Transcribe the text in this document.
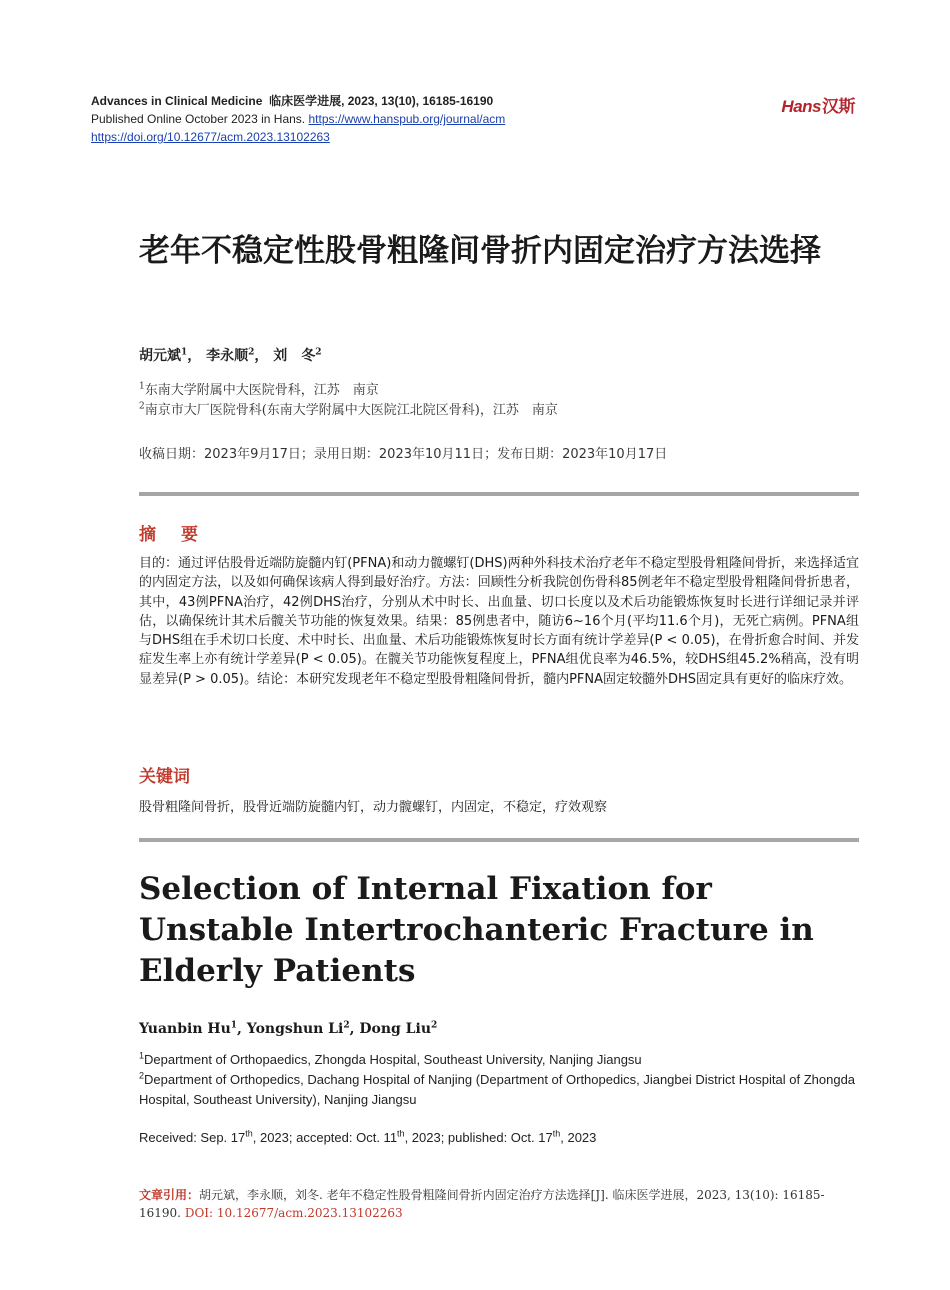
Advances in Clinical Medicine 临床医学进展, 2023, 13(10), 16185-16190
Published Online October 2023 in Hans. https://www.hanspub.org/journal/acm
https://doi.org/10.12677/acm.2023.13102263
Hans汉斯
老年不稳定性股骨粗隆间骨折内固定治疗方法选择
胡元斌$^1$， 李永顺$^2$， 刘　冬$^2$
$^1$东南大学附属中大医院骨科，江苏　南京
$^2$南京市大厂医院骨科(东南大学附属中大医院江北院区骨科)，江苏　南京
收稿日期：2023年9月17日；录用日期：2023年10月11日；发布日期：2023年10月17日
摘　要
目的：通过评估股骨近端防旋髓内钉(PFNA)和动力髋螺钉(DHS)两种外科技术治疗老年不稳定型股骨粗隆间骨折，来选择适宜的内固定方法，以及如何确保该病人得到最好治疗。方法：回顾性分析我院创伤骨科85例老年不稳定型股骨粗隆间骨折患者，其中，43例PFNA治疗，42例DHS治疗，分别从术中时长、出血量、切口长度以及术后功能锻炼恢复时长进行详细记录并评估，以确保统计其术后髋关节功能的恢复效果。结果：85例患者中，随访6~16个月(平均11.6个月)，无死亡病例。PFNA组与DHS组在手术切口长度、术中时长、出血量、术后功能锻炼恢复时长方面有统计学差异(P < 0.05)，在骨折愈合时间、并发症发生率上亦有统计学差异(P < 0.05)。在髋关节功能恢复程度上，PFNA组优良率为46.5%，较DHS组45.2%稍高，没有明显差异(P > 0.05)。结论：本研究发现老年不稳定型股骨粗隆间骨折，髓内PFNA固定较髓外DHS固定具有更好的临床疗效。
关键词
股骨粗隆间骨折，股骨近端防旋髓内钉，动力髋螺钉，内固定，不稳定，疗效观察
Selection of Internal Fixation for Unstable Intertrochanteric Fracture in Elderly Patients
Yuanbin Hu$^1$, Yongshun Li$^2$, Dong Liu$^2$
$^1$Department of Orthopaedics, Zhongda Hospital, Southeast University, Nanjing Jiangsu
$^2$Department of Orthopedics, Dachang Hospital of Nanjing (Department of Orthopedics, Jiangbei District Hospital of Zhongda Hospital, Southeast University), Nanjing Jiangsu
Received: Sep. 17th, 2023; accepted: Oct. 11th, 2023; published: Oct. 17th, 2023
文章引用：胡元斌，李永顺，刘冬. 老年不稳定性股骨粗隆间骨折内固定治疗方法选择[J]. 临床医学进展，2023, 13(10): 16185-16190. DOI: 10.12677/acm.2023.13102263
